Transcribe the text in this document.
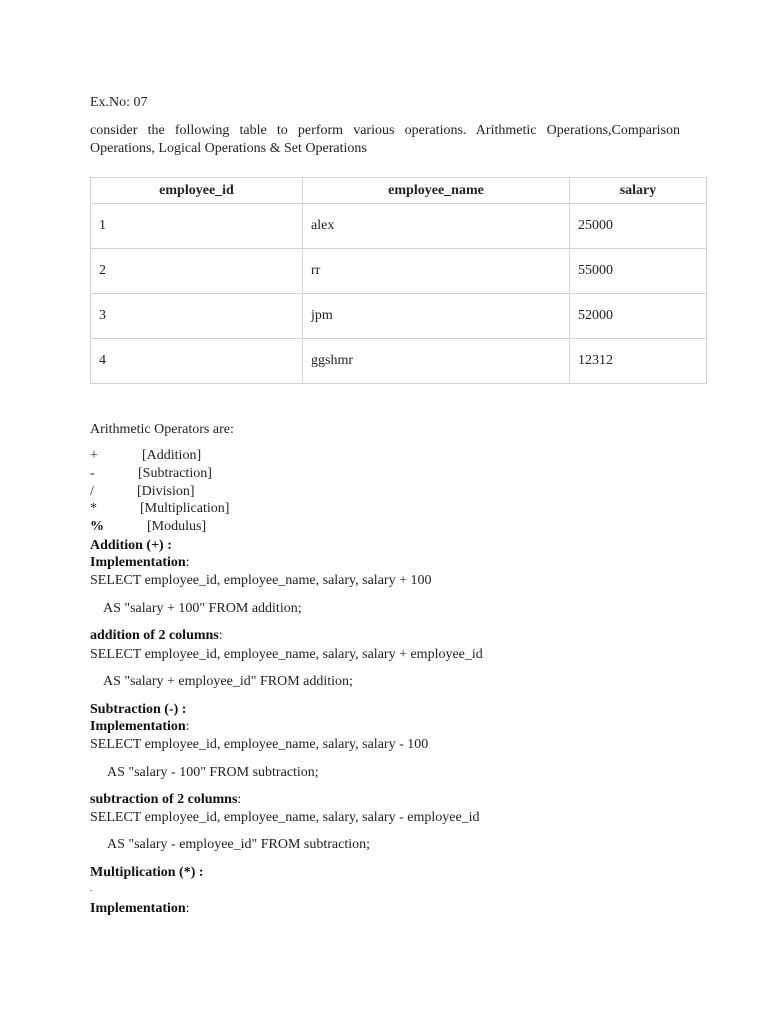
Ex.No: 07
consider the following table to perform various operations. Arithmetic Operations,Comparison Operations, Logical Operations & Set Operations
employee_id	employee_name	salary
1	alex	25000
2	rr	55000
3	jpm	52000
4	ggshmr	12312
Arithmetic Operators are:
+	[Addition]
-	[Subtraction]
/	[Division]
*	[Multiplication]
%	[Modulus]
Addition (+) :
Implementation:
SELECT employee_id, employee_name, salary, salary + 100
AS "salary + 100" FROM addition;
addition of 2 columns:
SELECT employee_id, employee_name, salary, salary + employee_id
AS "salary + employee_id" FROM addition;
Subtraction (-) :
Implementation:
SELECT employee_id, employee_name, salary, salary - 100
AS "salary - 100" FROM subtraction;
subtraction of 2 columns:
SELECT employee_id, employee_name, salary, salary - employee_id
AS "salary - employee_id" FROM subtraction;
Multiplication (*) :
.
Implementation:
